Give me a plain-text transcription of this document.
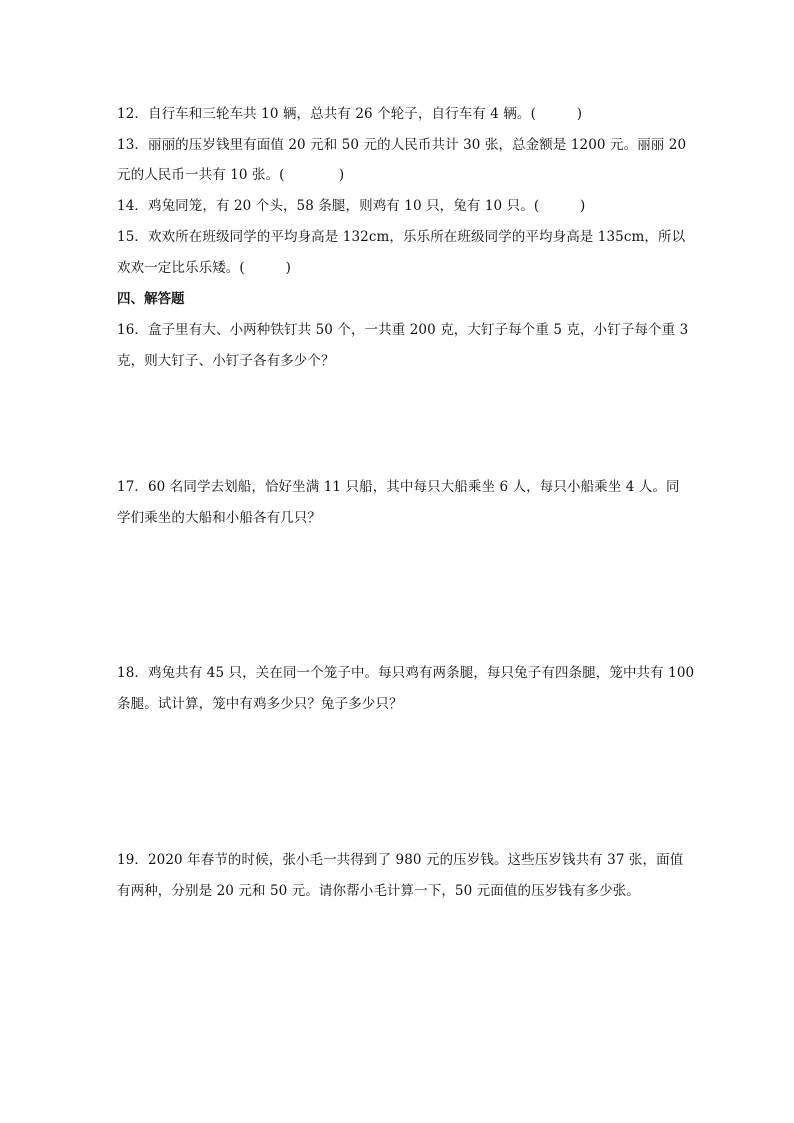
12．自行车和三轮车共 10 辆，总共有 26 个轮子，自行车有 4 辆。(　　　)
13．丽丽的压岁钱里有面值 20 元和 50 元的人民币共计 30 张，总金额是 1200 元。丽丽 20
元的人民币一共有 10 张。(　　　　)
14．鸡兔同笼，有 20 个头，58 条腿，则鸡有 10 只，兔有 10 只。(　　　)
15．欢欢所在班级同学的平均身高是 132cm，乐乐所在班级同学的平均身高是 135cm，所以
欢欢一定比乐乐矮。(　　　)
四、解答题
16．盒子里有大、小两种铁钉共 50 个，一共重 200 克，大钉子每个重 5 克，小钉子每个重 3
克，则大钉子、小钉子各有多少个？
17．60 名同学去划船，恰好坐满 11 只船，其中每只大船乘坐 6 人，每只小船乘坐 4 人。同
学们乘坐的大船和小船各有几只？
18．鸡兔共有 45 只，关在同一个笼子中。每只鸡有两条腿，每只兔子有四条腿，笼中共有 100
条腿。试计算，笼中有鸡多少只？兔子多少只？
19．2020 年春节的时候，张小毛一共得到了 980 元的压岁钱。这些压岁钱共有 37 张，面值
有两种，分别是 20 元和 50 元。请你帮小毛计算一下，50 元面值的压岁钱有多少张。
